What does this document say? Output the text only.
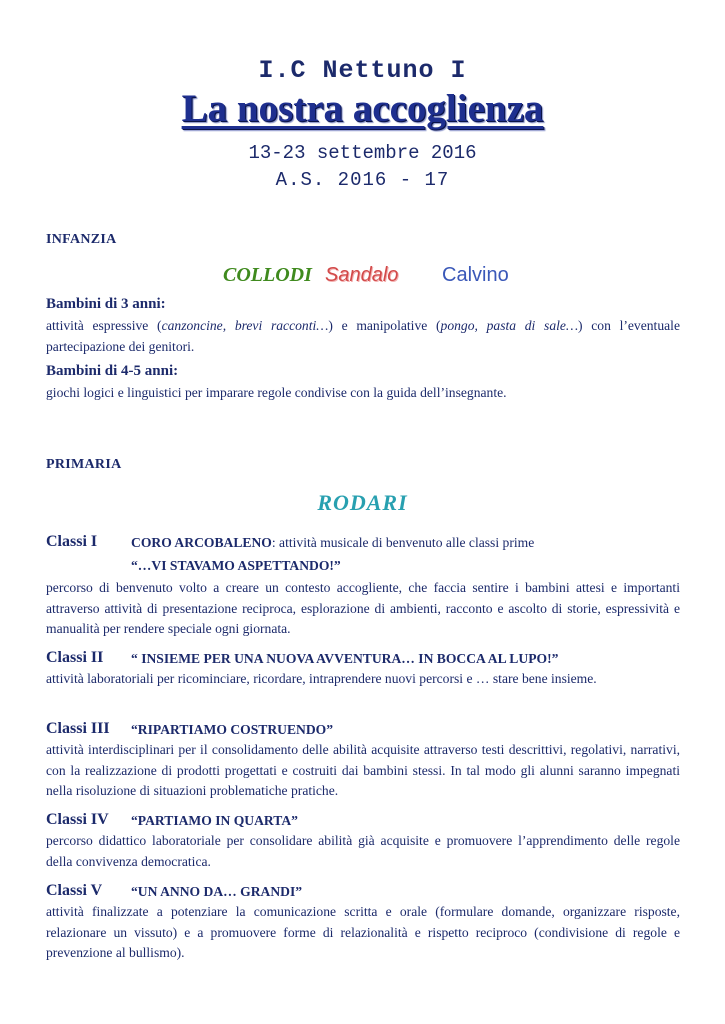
I.C Nettuno I
La nostra accoglienza
13-23 settembre 2016
A.S. 2016 - 17
INFANZIA
COLLODI Sandalo Calvino
Bambini di 3 anni:
attività espressive (canzoncine, brevi racconti…) e manipolative (pongo, pasta di sale…) con l’eventuale partecipazione dei genitori.
Bambini di 4-5 anni:
giochi logici e linguistici per imparare regole condivise con la guida dell’insegnante.
PRIMARIA
RODARI
Classi I CORO ARCOBALENO: attività musicale di benvenuto alle classi prime
“…VI STAVAMO ASPETTANDO!”
percorso di benvenuto volto a creare un contesto accogliente, che faccia sentire i bambini attesi e importanti attraverso attività di presentazione reciproca, esplorazione di ambienti, racconto e ascolto di storie, espressività e manualità per rendere speciale ogni giornata.
Classi II “ INSIEME PER UNA NUOVA AVVENTURA… IN BOCCA AL LUPO!”
attività laboratoriali per ricominciare, ricordare, intraprendere nuovi percorsi e … stare bene insieme.
Classi III “RIPARTIAMO COSTRUENDO”
attività interdisciplinari per il consolidamento delle abilità acquisite attraverso testi descrittivi, regolativi, narrativi, con la realizzazione di prodotti progettati e costruiti dai bambini stessi. In tal modo gli alunni saranno impegnati nella risoluzione di situazioni problematiche pratiche.
Classi IV “PARTIAMO IN QUARTA”
percorso didattico laboratoriale per consolidare abilità già acquisite e promuovere l’apprendimento delle regole della convivenza democratica.
Classi V “UN ANNO DA… GRANDI”
attività finalizzate a potenziare la comunicazione scritta e orale (formulare domande, organizzare risposte, relazionare un vissuto) e a promuovere forme di relazionalità e rispetto reciproco (condivisione di regole e prevenzione al bullismo).
